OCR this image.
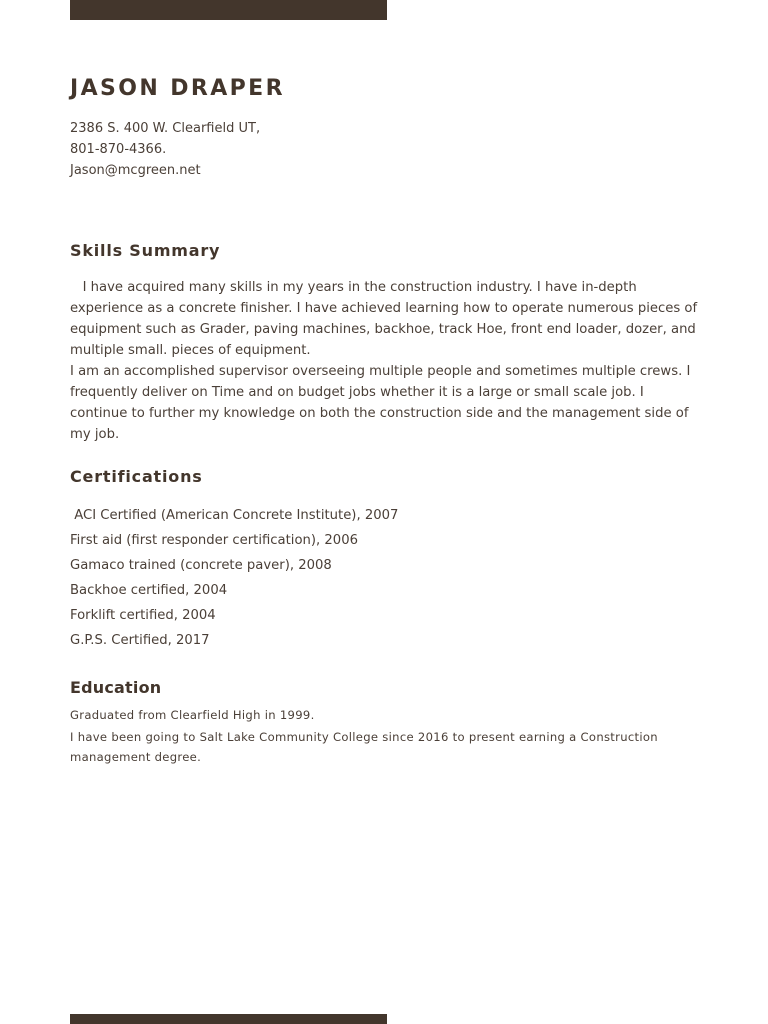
JASON DRAPER
2386 S. 400 W. Clearfield UT,
801-870-4366.
Jason@mcgreen.net
Skills Summary

I have acquired many skills in my years in the construction industry. I have in-depth experience as a concrete finisher. I have achieved learning how to operate numerous pieces of equipment such as Grader, paving machines, backhoe, track Hoe, front end loader, dozer, and multiple small. pieces of equipment.

I am an accomplished supervisor overseeing multiple people and sometimes multiple crews. I frequently deliver on Time and on budget jobs whether it is a large or small scale job. I continue to further my knowledge on both the construction side and the management side of my job.

Certifications
ACI Certified (American Concrete Institute), 2007
First aid (first responder certification), 2006
Gamaco trained (concrete paver), 2008
Backhoe certified, 2004
Forklift certified, 2004
G.P.S. Certified, 2017
Education

Graduated from Clearfield High in 1999.

I have been going to Salt Lake Community College since 2016 to present earning a Construction management degree.
